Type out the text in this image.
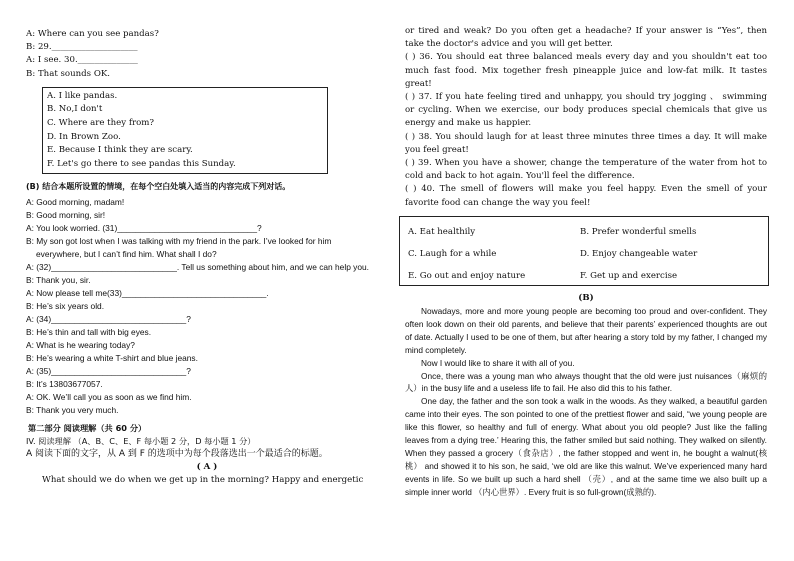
A: Where can you see pandas?
B: 29.____________________
A: I see. 30.______________
B: That sounds OK.
A. I like pandas.
B. No,I don't
C. Where are they from?
D. In Brown Zoo.
E. Because I think they are scary.
F. Let's go there to see pandas this Sunday.
(B) 结合本题所设置的情境，在每个空白处填入适当的内容完成下列对话。
A: Good morning, madam!
B: Good morning, sir!
A: You look worried. (31)______________________________?
B: My son got lost when I was talking with my friend in the park. I’ve looked for him
everywhere, but I can’t find him. What shall I do?
A: (32)___________________________. Tell us something about him, and we can help you.
B: Thank you, sir.
A: Now please tell me(33)_______________________________.
B: He’s six years old.
A: (34)_____________________________?
B: He’s thin and tall with big eyes.
A: What is he wearing today?
B: He’s wearing a white T-shirt and blue jeans.
A: (35)_____________________________?
B: It’s 13803677057.
A: OK. We’ll call you as soon as we find him.
B: Thank you very much.
第二部分 阅读理解（共 60 分）
IV. 阅读理解 （A、B、C、E、F 每小题 2 分，D 每小题 1 分）
A 阅读下面的文字，从 A 到 F 的选项中为每个段落选出一个最适合的标题。
( A )
What should we do when we get up in the morning? Happy and energetic
or tired and weak? Do you often get a headache? If your answer is “Yes”, then take the doctor's advice and you will get better.
( ) 36. You should eat three balanced meals every day and you shouldn't eat too much fast food. Mix together fresh pineapple juice and low-fat milk. It tastes great!
( ) 37. If you hate feeling tired and unhappy, you should try jogging 、 swimming or cycling. When we exercise, our body produces special chemicals that give us energy and make us happier.
( ) 38. You should laugh for at least three minutes three times a day. It will make you feel great!
( ) 39. When you have a shower, change the temperature of the water from hot to cold and back to hot again. You'll feel the difference.
( ) 40. The smell of flowers will make you feel happy. Even the smell of your favorite food can change the way you feel!
A. Eat healthily	B. Prefer wonderful smells
C. Laugh for a while	D. Enjoy changeable water
E. Go out and enjoy nature	F. Get up and exercise
(B)
Nowadays, more and more young people are becoming too proud and over-confident. They often look down on their old parents, and believe that their parents’ experienced thoughts are out of date. Actually I used to be one of them, but after hearing a story told by my father, I changed my mind completely.
Now I would like to share it with all of you.
Once, there was a young man who always thought that the old were just nuisances（麻烦的人）in the busy life and a useless life to fail. He also did this to his father.
One day, the father and the son took a walk in the woods. As they walked, a beautiful garden came into their eyes. The son pointed to one of the prettiest flower and said, “we young people are like this flower, so healthy and full of energy. What about you old people? Just like the falling leaves from a dying tree.’ Hearing this, the father smiled but said nothing. They walked on silently. When they passed a grocery（食杂店）, the father stopped and went in, he bought a walnut(核桃） and showed it to his son, he said, ‘we old are like this walnut. We’ve experienced many hard events in life. So we built up such a hard shell （壳）, and at the same time we also built up a simple inner world （内心世界）. Every fruit is so full-grown(成熟的).
